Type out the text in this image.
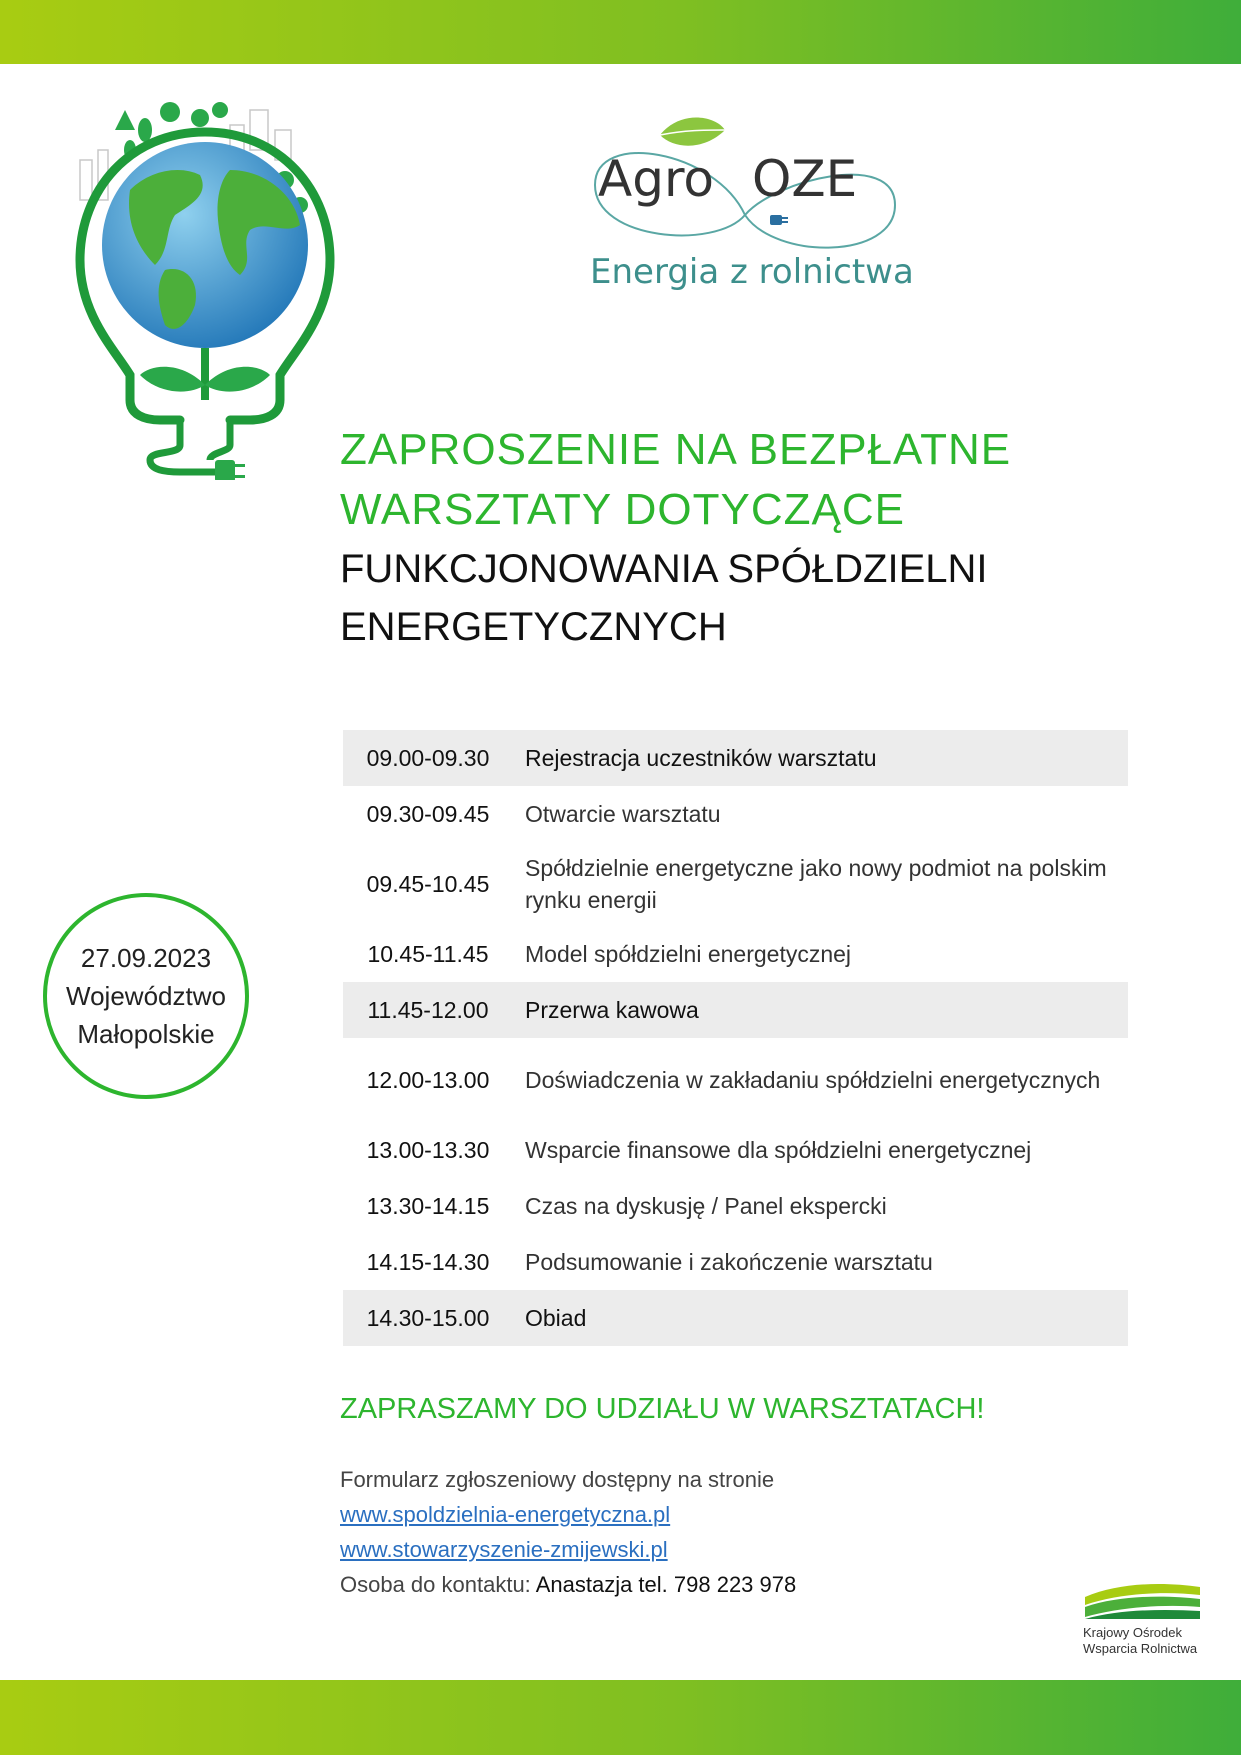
Agro OZE
Energia z rolnictwa
ZAPROSZENIE NA BEZPŁATNE
WARSZTATY DOTYCZĄCE
FUNKCJONOWANIA SPÓŁDZIELNI
ENERGETYCZNYCH
27.09.2023
Województwo
Małopolskie
09.00-09.30	Rejestracja uczestników warsztatu
09.30-09.45	Otwarcie warsztatu
09.45-10.45	Spółdzielnie energetyczne jako nowy podmiot na polskim rynku energii
10.45-11.45	Model spółdzielni energetycznej
11.45-12.00	Przerwa kawowa
12.00-13.00	Doświadczenia w zakładaniu spółdzielni energetycznych
13.00-13.30	Wsparcie finansowe dla spółdzielni energetycznej
13.30-14.15	Czas na dyskusję / Panel ekspercki
14.15-14.30	Podsumowanie i zakończenie warsztatu
14.30-15.00	Obiad
ZAPRASZAMY DO UDZIAŁU W WARSZTATACH!
Formularz zgłoszeniowy dostępny na stronie
www.spoldzielnia-energetyczna.pl
www.stowarzyszenie-zmijewski.pl
Osoba do kontaktu: Anastazja tel. 798 223 978
Krajowy Ośrodek
Wsparcia Rolnictwa
